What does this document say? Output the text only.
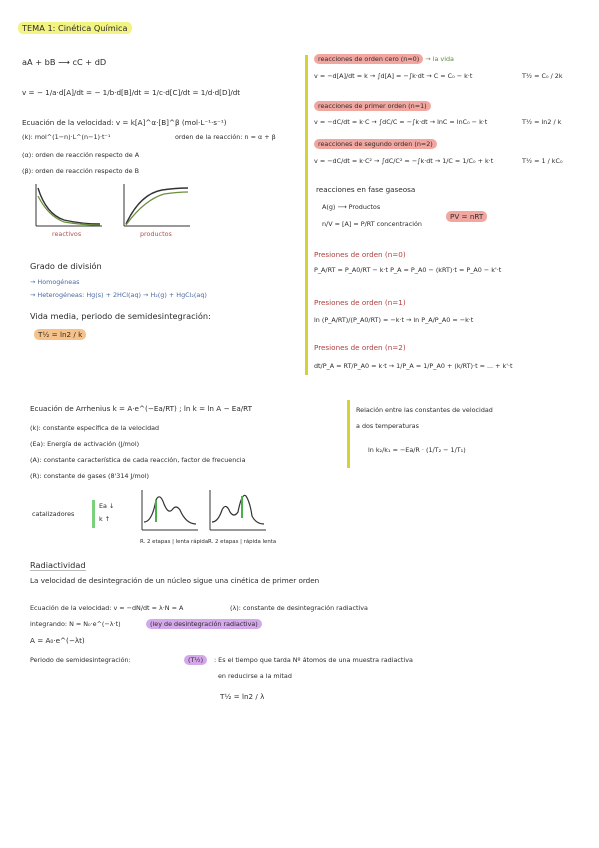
TEMA 1: Cinética Química
aA + bB ⟶ cC + dD
v = − 1/a·d[A]/dt = − 1/b·d[B]/dt = 1/c·d[C]/dt = 1/d·d[D]/dt
Ecuación de la velocidad: v = k[A]^α·[B]^β (mol·L⁻¹·s⁻¹)
(k): mol^(1−n)·L^(n−1)·t⁻¹	orden de la reacción: n = α + β
(α): orden de reacción respecto de A
(β): orden de reacción respecto de B
reactivos	productos
Grado de división
→ Homogéneas
→ Heterogéneas: Hg(s) + 2HCl(aq) → H₂(g) + HgCl₂(aq)
Vida media, periodo de semidesintegración:
T½ = ln2 / k
reacciones de orden cero (n=0) → la vida
v = −d[A]/dt = k → ∫d[A] = −∫k·dt → C = C₀ − k·t	T½ = C₀ / 2k
reacciones de primer orden (n=1)
v = −dC/dt = k·C → ∫dC/C = −∫k·dt → lnC = lnC₀ − k·t	T½ = ln2 / k
reacciones de segundo orden (n=2)
v = −dC/dt = k·C² → ∫dC/C² = −∫k·dt → 1/C = 1/C₀ + k·t	T½ = 1 / kC₀
reacciones en fase gaseosa
A(g) ⟶ Productos
n/V = [A] = P/RT concentración
PV = nRT
Presiones de orden (n=0)
P_A/RT = P_A0/RT − k·t P_A = P_A0 − (kRT)·t = P_A0 − k'·t
Presiones de orden (n=1)
ln (P_A/RT)/(P_A0/RT) = −k·t → ln P_A/P_A0 = −k·t
Presiones de orden (n=2)
dt/P_A = RT/P_A0 = k·t → 1/P_A = 1/P_A0 + (k/RT)·t = ... + k'·t
Ecuación de Arrhenius k = A·e^(−Ea/RT) ; ln k = ln A − Ea/RT
(k): constante específica de la velocidad
(Ea): Energía de activación (J/mol)
(A): constante característica de cada reacción, factor de frecuencia
(R): constante de gases (8'314 J/mol)
Relación entre las constantes de velocidad
a dos temperaturas
ln k₂/k₁ = −Ea/R · (1/T₂ − 1/T₁)
catalizadores
Ea ↓
k ↑
R. 2 etapas | lenta rápida R. 2 etapas | rápida lenta
Radiactividad
La velocidad de desintegración de un núcleo sigue una cinética de primer orden
Ecuación de la velocidad: v = −dN/dt = λ·N = A	(λ): constante de desintegración radiactiva
integrando: N = N₀·e^(−λ·t)	(ley de desintegración radiactiva)
A = A₀·e^(−λt)
Periodo de semidesintegración:	(T½)	: Es el tiempo que tarda Nº átomos de una muestra radiactiva
en reducirse a la mitad
T½ = ln2 / λ
